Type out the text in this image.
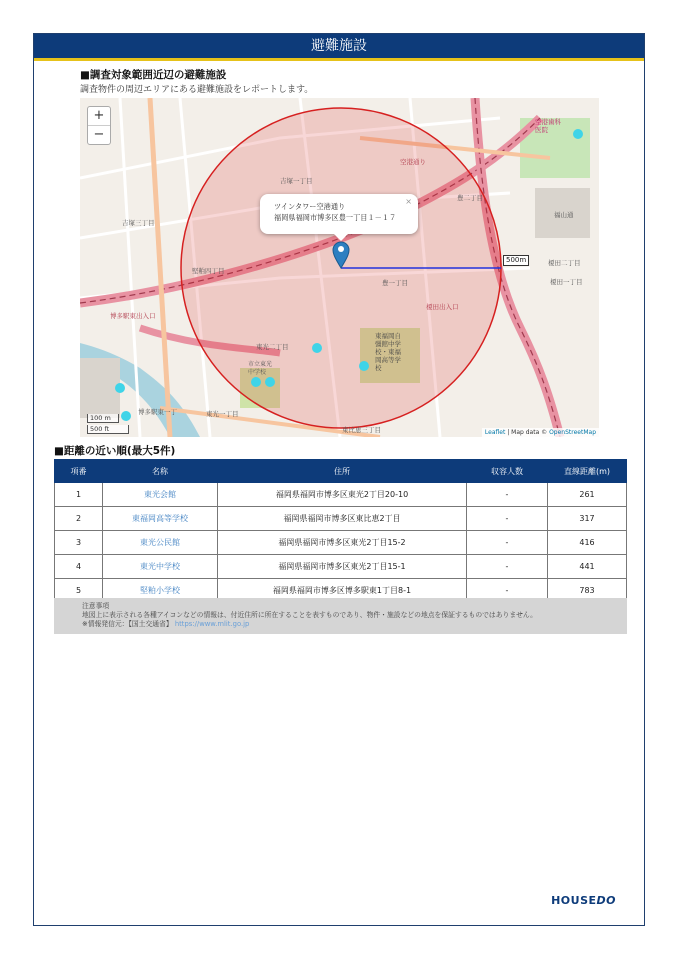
避難施設
■調査対象範囲近辺の避難施設
調査物件の周辺エリアにある避難施設をレポートします。
+
−
吉塚一丁目
吉塚三丁目
堅粕四丁目
豊二丁目
豊一丁目
東光二丁目
東光一丁目
博多駅東出入口
東福岡自
彊館中学
校・東福
岡高等学
校
市立東光
中学校
博多駅東一丁
空港通り
榎田一丁目
榎田二丁目
榎田出入口
空港歯科
医院
福山通
東比恵三丁目
×
ツインタワー空港通り
福岡県福岡市博多区豊一丁目１－１７
500m
100 m
500 ft	Leaflet | Map data © OpenStreetMap
■距離の近い順(最大5件)
項番	名称	住所	収容人数	直線距離(m)
1	東光会館	福岡県福岡市博多区東光2丁目20-10	-	261
2	東福岡高等学校	福岡県福岡市博多区東比恵2丁目	-	317
3	東光公民館	福岡県福岡市博多区東光2丁目15-2	-	416
4	東光中学校	福岡県福岡市博多区東光2丁目15-1	-	441
5	堅粕小学校	福岡県福岡市博多区博多駅東1丁目8-1	-	783
注意事項
地図上に表示される各種アイコンなどの情報は、付近住所に所在することを表すものであり、物件・施設などの地点を保証するものではありません。
※情報発信元：【国土交通省】 https://www.mlit.go.jp
HOUSEDO
